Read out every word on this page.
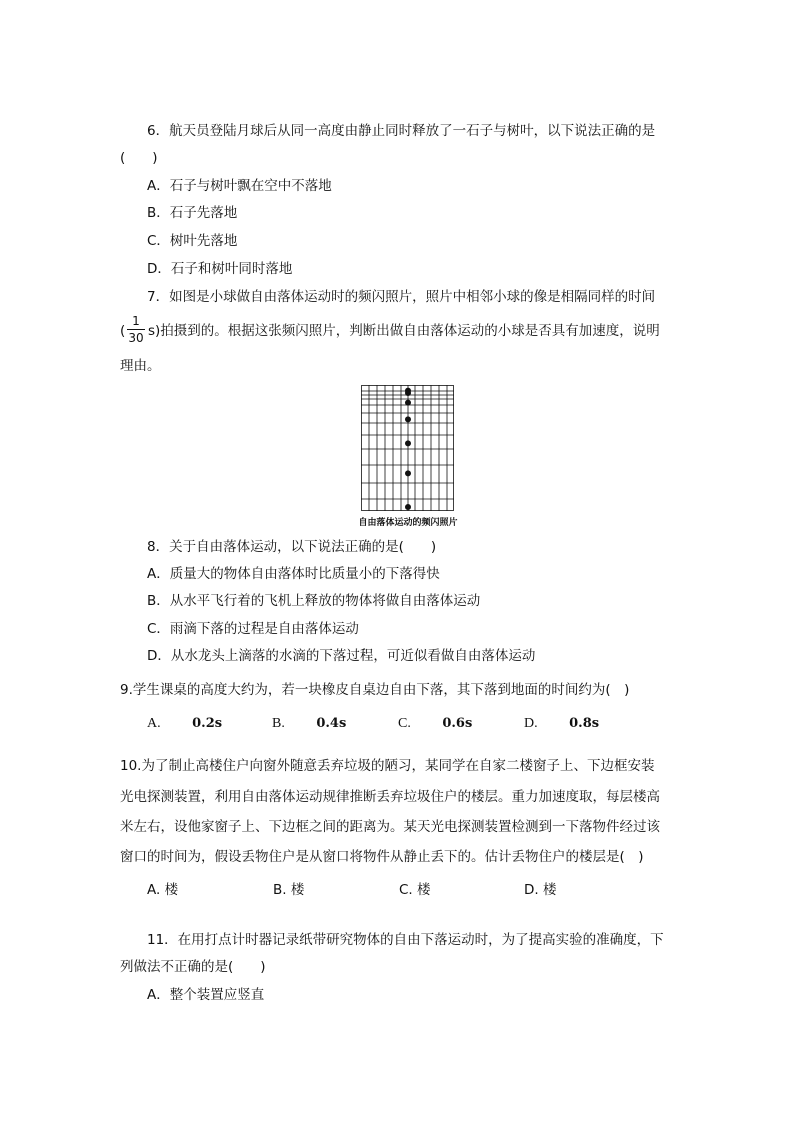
6．航天员登陆月球后从同一高度由静止同时释放了一石子与树叶，以下说法正确的是
(　　)
A．石子与树叶飘在空中不落地
B．石子先落地
C．树叶先落地
D．石子和树叶同时落地
7．如图是小球做自由落体运动时的频闪照片，照片中相邻小球的像是相隔同样的时间
(
1
30 s)拍摄到的。根据这张频闪照片，判断出做自由落体运动的小球是否具有加速度，说明
理由。
自由落体运动的频闪照片
8．关于自由落体运动，以下说法正确的是(　　)
A．质量大的物体自由落体时比质量小的下落得快
B．从水平飞行着的飞机上释放的物体将做自由落体运动
C．雨滴下落的过程是自由落体运动
D．从水龙头上滴落的水滴的下落过程，可近似看做自由落体运动
9.学生课桌的高度大约为，若一块橡皮自桌边自由下落，其下落到地面的时间约为(　)
A. 0.2s	B. 0.4s	C. 0.6s	D. 0.8s
10.为了制止高楼住户向窗外随意丢弃垃圾的陋习，某同学在自家二楼窗子上、下边框安装
光电探测装置，利用自由落体运动规律推断丢弃垃圾住户的楼层。重力加速度取，每层楼高
米左右，设他家窗子上、下边框之间的距离为。某天光电探测装置检测到一下落物件经过该
窗口的时间为，假设丢物住户是从窗口将物件从静止丢下的。估计丢物住户的楼层是(　)
A. 楼	B. 楼	C. 楼	D. 楼
11．在用打点计时器记录纸带研究物体的自由下落运动时，为了提高实验的准确度，下
列做法不正确的是(　　)
A．整个装置应竖直
